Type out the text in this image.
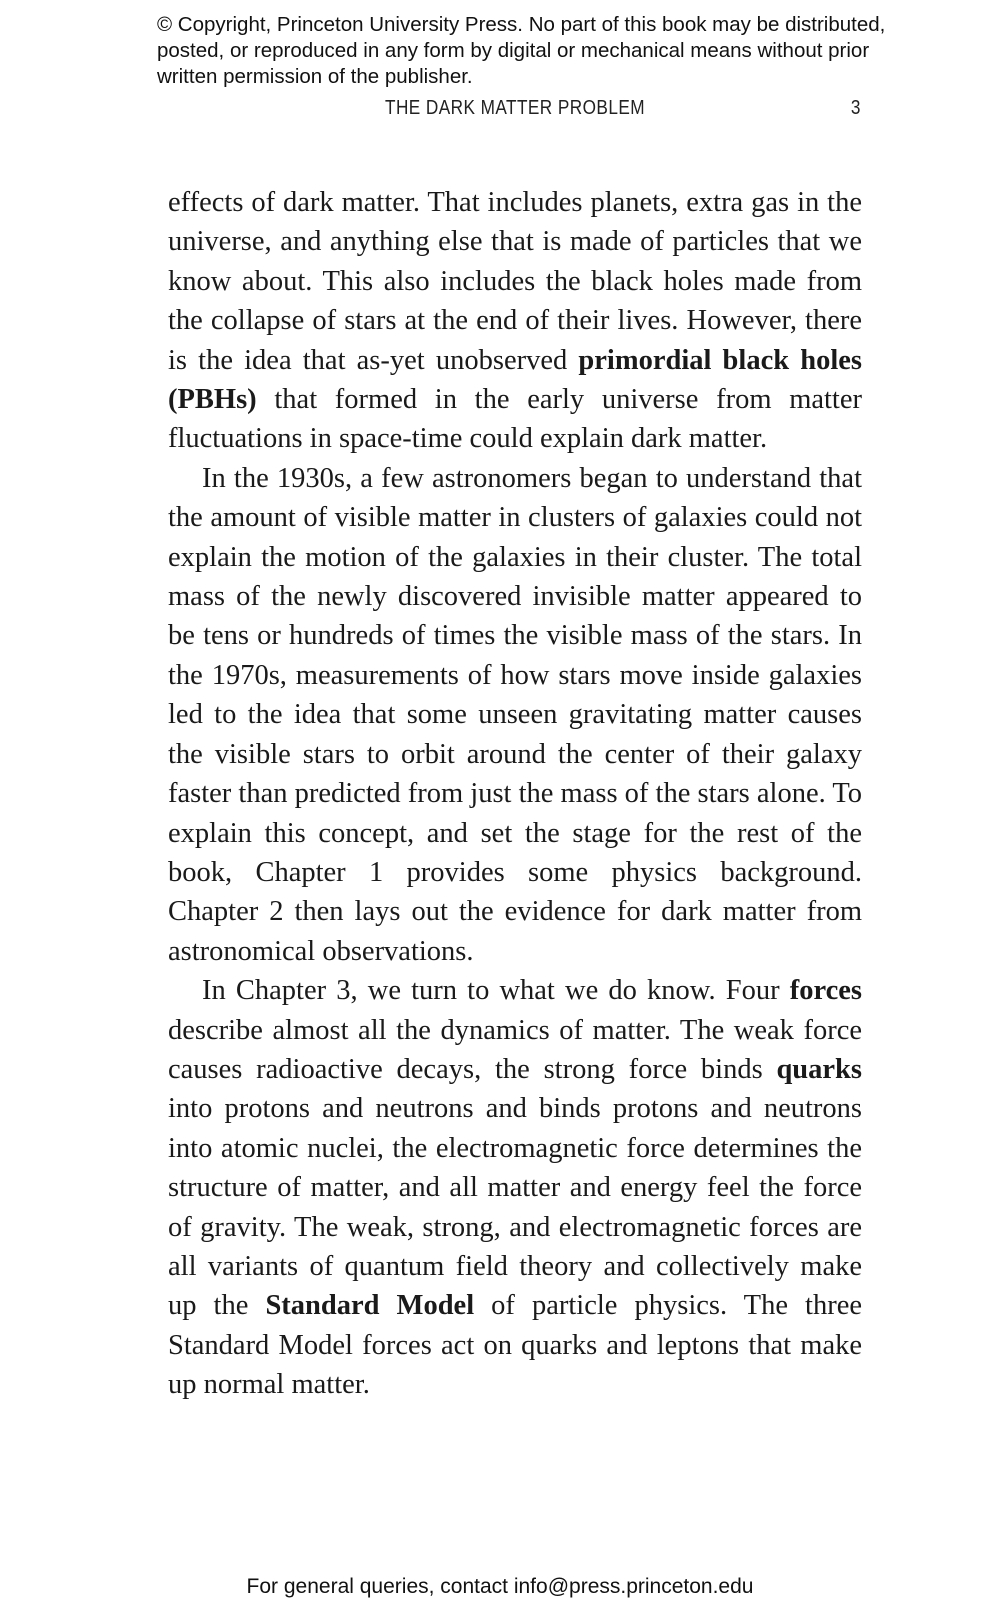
© Copyright, Princeton University Press. No part of this book may be distributed, posted, or reproduced in any form by digital or mechanical means without prior written permission of the publisher.
THE DARK MATTER PROBLEM	3

effects of dark matter. That includes planets, extra gas in the universe, and anything else that is made of particles that we know about. This also includes the black holes made from the collapse of stars at the end of their lives. However, there is the idea that as-yet unobserved primordial black holes (PBHs) that formed in the early universe from matter fluctuations in space-time could explain dark matter.

In the 1930s, a few astronomers began to understand that the amount of visible matter in clusters of galaxies could not explain the motion of the galaxies in their cluster. The total mass of the newly discovered invisible matter appeared to be tens or hundreds of times the visible mass of the stars. In the 1970s, measurements of how stars move inside galaxies led to the idea that some unseen gravitating matter causes the visible stars to orbit around the center of their galaxy faster than predicted from just the mass of the stars alone. To explain this concept, and set the stage for the rest of the book, Chapter 1 provides some physics background. Chapter 2 then lays out the evidence for dark matter from astronomical observations.

In Chapter 3, we turn to what we do know. Four forces describe almost all the dynamics of matter. The weak force causes radioactive decays, the strong force binds quarks into protons and neutrons and binds protons and neutrons into atomic nuclei, the electromagnetic force determines the structure of matter, and all matter and energy feel the force of gravity. The weak, strong, and electromagnetic forces are all variants of quantum field theory and collectively make up the Standard Model of particle physics. The three Standard Model forces act on quarks and leptons that make up normal matter.

For general queries, contact info@press.princeton.edu
